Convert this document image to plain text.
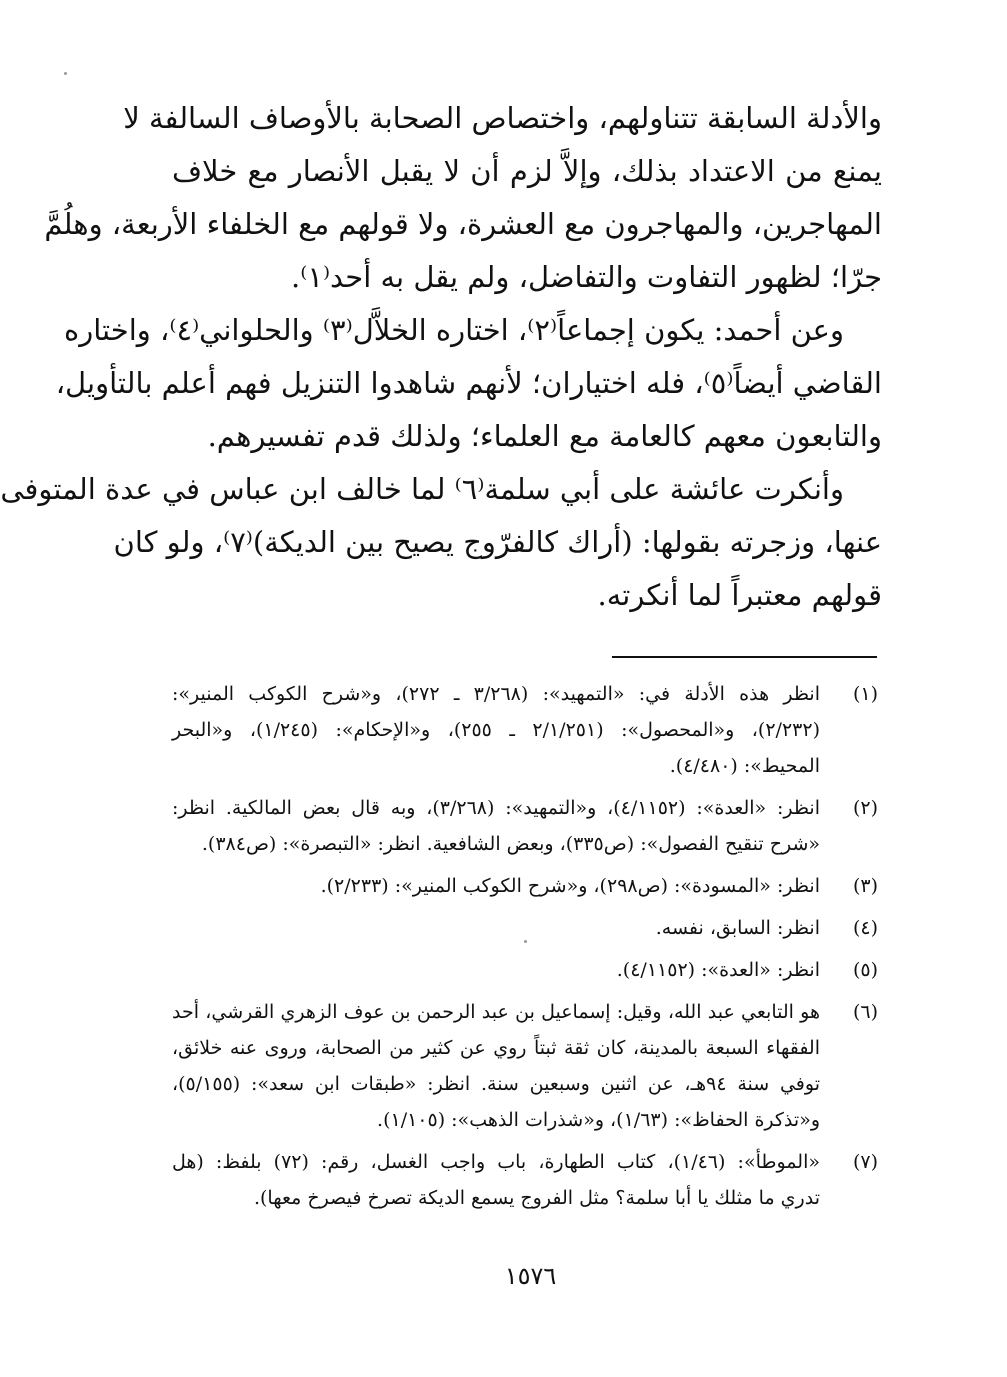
والأدلة السابقة تتناولهم، واختصاص الصحابة بالأوصاف السالفة لا
يمنع من الاعتداد بذلك، وإلاَّ لزم أن لا يقبل الأنصار مع خلاف
المهاجرين، والمهاجرون مع العشرة، ولا قولهم مع الخلفاء الأربعة، وهلُمَّ
جرّا؛ لظهور التفاوت والتفاضل، ولم يقل به أحد⁽١⁾.
وعن أحمد: يكون إجماعاً⁽٢⁾، اختاره الخلاَّل⁽٣⁾ والحلواني⁽٤⁾، واختاره
القاضي أيضاً⁽٥⁾، فله اختياران؛ لأنهم شاهدوا التنزيل فهم أعلم بالتأويل،
والتابعون معهم كالعامة مع العلماء؛ ولذلك قدم تفسيرهم.
وأنكرت عائشة على أبي سلمة⁽٦⁾ لما خالف ابن عباس في عدة المتوفى
عنها، وزجرته بقولها: (أراك كالفرّوج يصيح بين الديكة)⁽٧⁾، ولو كان
قولهم معتبراً لما أنكرته.
(١)
انظر هذه الأدلة في: «التمهيد»: (٣/٢٦٨ ـ ٢٧٢)، و«شرح الكوكب المنير»:
(٢/٢٣٢)، و«المحصول»: (٢/١/٢٥١ ـ ٢٥٥)، و«الإحكام»: (١/٢٤٥)، و«البحر
المحيط»: (٤/٤٨٠).
(٢)
انظر: «العدة»: (٤/١١٥٢)، و«التمهيد»: (٣/٢٦٨)، وبه قال بعض المالكية. انظر:
«شرح تنقيح الفصول»: (ص٣٣٥)، وبعض الشافعية. انظر: «التبصرة»: (ص٣٨٤).
(٣)
انظر: «المسودة»: (ص٢٩٨)، و«شرح الكوكب المنير»: (٢/٢٣٣).
(٤)
انظر: السابق، نفسه.
(٥)
انظر: «العدة»: (٤/١١٥٢).
(٦)
هو التابعي عبد الله، وقيل: إسماعيل بن عبد الرحمن بن عوف الزهري القرشي، أحد
الفقهاء السبعة بالمدينة، كان ثقة ثبتاً روي عن كثير من الصحابة، وروى عنه خلائق،
توفي سنة ٩٤هـ، عن اثنين وسبعين سنة. انظر: «طبقات ابن سعد»: (٥/١٥٥)،
و«تذكرة الحفاظ»: (١/٦٣)، و«شذرات الذهب»: (١/١٠٥).
(٧)
«الموطأ»: (١/٤٦)، كتاب الطهارة، باب واجب الغسل، رقم: (٧٢) بلفظ: (هل
تدري ما مثلك يا أبا سلمة؟ مثل الفروج يسمع الديكة تصرخ فيصرخ معها).
١٥٧٦
